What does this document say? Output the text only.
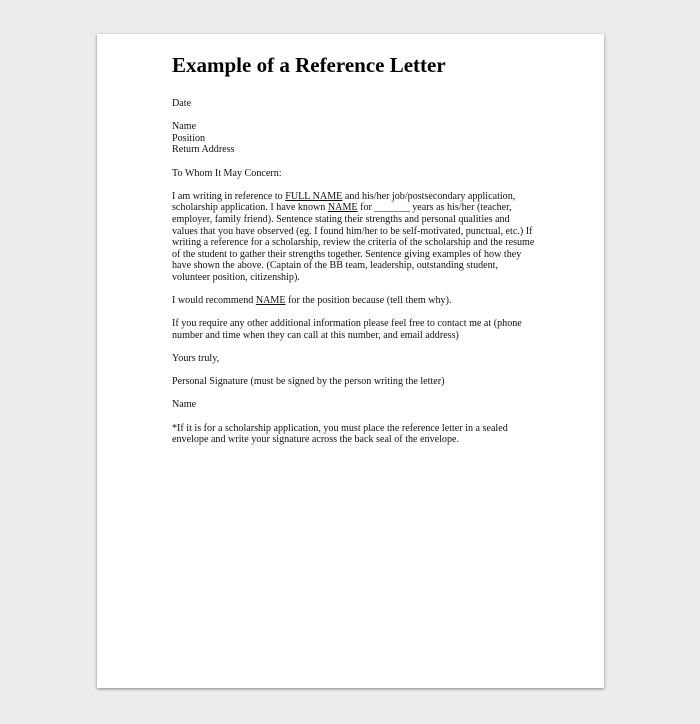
Example of a Reference Letter

Date

Name
Position
Return Address

To Whom It May Concern:

I am writing in reference to FULL NAME and his/her job/postsecondary application,
scholarship application. I have known NAME for _______ years as his/her (teacher,
employer, family friend). Sentence stating their strengths and personal qualities and
values that you have observed (eg. I found him/her to be self-motivated, punctual, etc.) If
writing a reference for a scholarship, review the criteria of the scholarship and the resume
of the student to gather their strengths together. Sentence giving examples of how they
have shown the above. (Captain of the BB team, leadership, outstanding student,
volunteer position, citizenship).

I would recommend NAME for the position because (tell them why).

If you require any other additional information please feel free to contact me at (phone
number and time when they can call at this number, and email address)

Yours truly,

Personal Signature (must be signed by the person writing the letter)

Name

*If it is for a scholarship application, you must place the reference letter in a sealed
envelope and write your signature across the back seal of the envelope.
